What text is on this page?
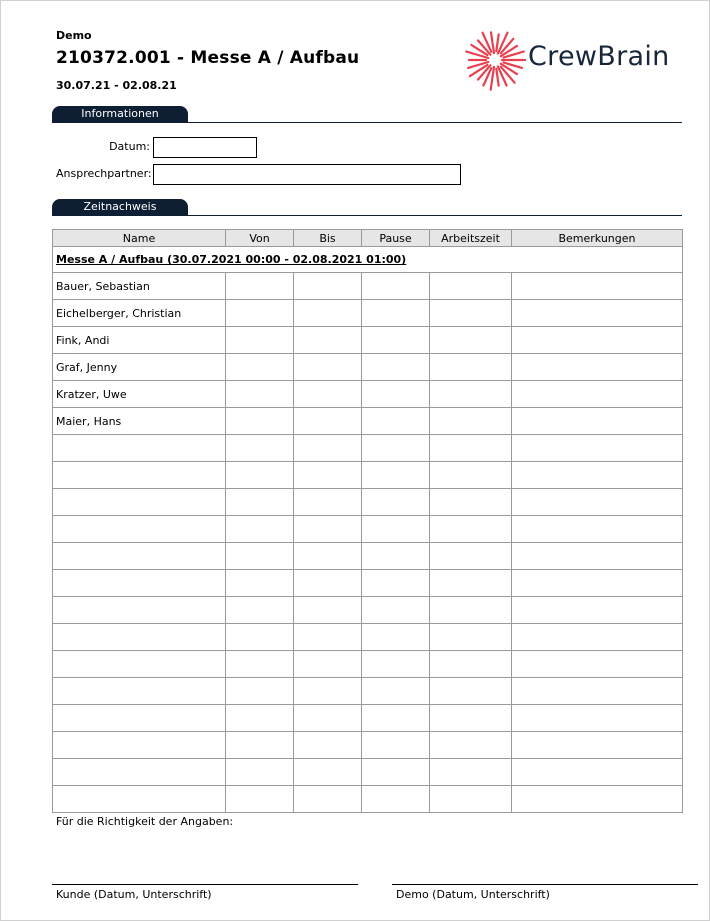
Demo
210372.001 - Messe A / Aufbau
30.07.21 - 02.08.21
CrewBrain
Informationen
Datum:
Ansprechpartner:
Zeitnachweis
Name	Von	Bis	Pause	Arbeitszeit	Bemerkungen
Messe A / Aufbau (30.07.2021 00:00 - 02.08.2021 01:00)					
Bauer, Sebastian					
Eichelberger, Christian					
Fink, Andi					
Graf, Jenny					
Kratzer, Uwe					
Maier, Hans					

Für die Richtigkeit der Angaben:
Kunde (Datum, Unterschrift)	Demo (Datum, Unterschrift)
